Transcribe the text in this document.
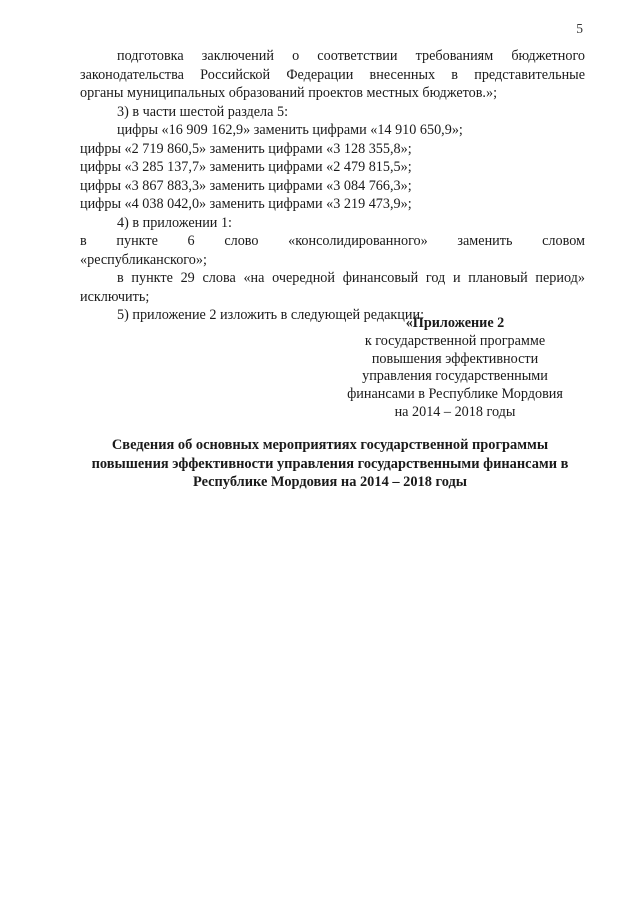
5
подготовка заключений о соответствии требованиям бюджетного
законодательства Российской Федерации внесенных в представительные
органы муниципальных образований проектов местных бюджетов.»;
3) в части шестой раздела 5:
цифры «16 909 162,9» заменить цифрами «14 910 650,9»;
цифры «2 719 860,5» заменить цифрами «3 128 355,8»;
цифры «3 285 137,7» заменить цифрами «2 479 815,5»;
цифры «3 867 883,3» заменить цифрами «3 084 766,3»;
цифры «4 038 042,0» заменить цифрами «3 219 473,9»;
4) в приложении 1:
в пункте 6 слово «консолидированного» заменить словом
«республиканского»;
в пункте 29 слова «на очередной финансовый год и плановый период»
исключить;
5) приложение 2 изложить в следующей редакции:
«Приложение 2
к государственной программе
повышения эффективности
управления государственными
финансами в Республике Мордовия
на 2014 – 2018 годы
Сведения об основных мероприятиях государственной программы
повышения эффективности управления государственными финансами в
Республике Мордовия на 2014 – 2018 годы
